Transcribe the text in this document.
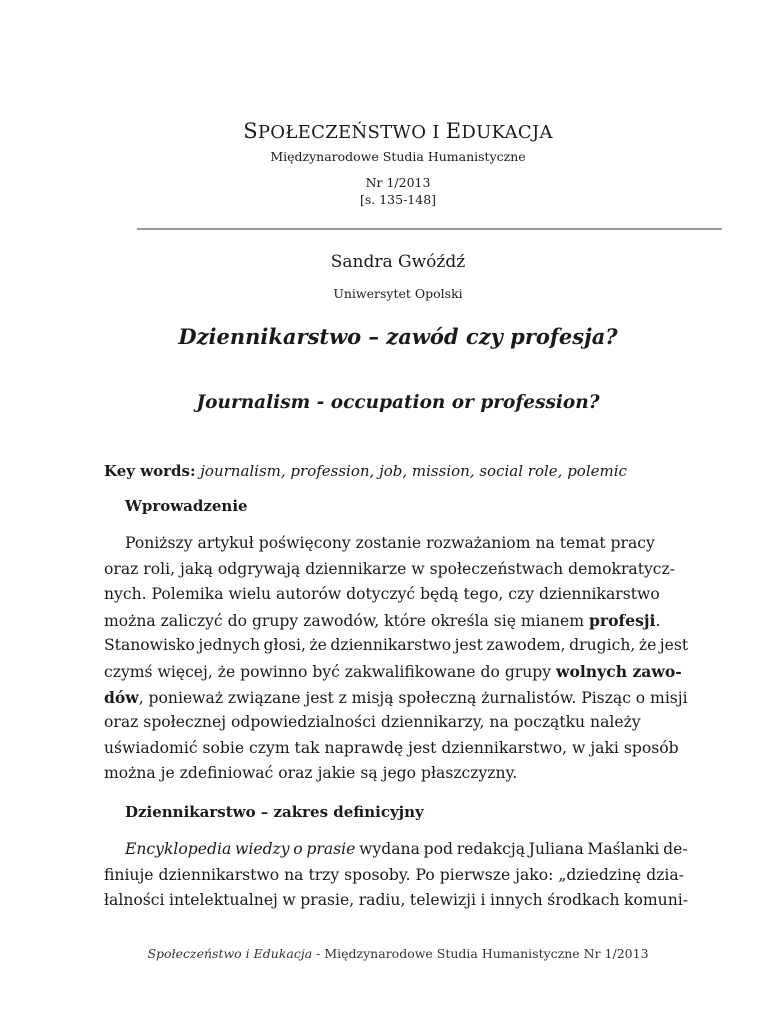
SPOŁECZEŃSTWO I EDUKACJA
Międzynarodowe Studia Humanistyczne
Nr 1/2013
[s. 135-148]
Sandra Gwóźdź
Uniwersytet Opolski
Dziennikarstwo – zawód czy profesja?
Journalism - occupation or profession?
Key words: journalism, profession, job, mission, social role, polemic
Wprowadzenie
Poniższy artykuł poświęcony zostanie rozważaniom na temat pracy
oraz roli, jaką odgrywają dziennikarze w społeczeństwach demokratycz-
nych. Polemika wielu autorów dotyczyć będą tego, czy dziennikarstwo
można zaliczyć do grupy zawodów, które określa się mianem profesji.
Stanowisko jednych głosi, że dziennikarstwo jest zawodem, drugich, że jest
czymś więcej, że powinno być zakwalifikowane do grupy wolnych zawo-
dów, ponieważ związane jest z misją społeczną żurnalistów. Pisząc o misji
oraz społecznej odpowiedzialności dziennikarzy, na początku należy
uświadomić sobie czym tak naprawdę jest dziennikarstwo, w jaki sposób
można je zdefiniować oraz jakie są jego płaszczyzny.
Dziennikarstwo – zakres definicyjny
Encyklopedia wiedzy o prasie wydana pod redakcją Juliana Maślanki de-
finiuje dziennikarstwo na trzy sposoby. Po pierwsze jako: „dziedzinę dzia-
łalności intelektualnej w prasie, radiu, telewizji i innych środkach komuni-
Społeczeństwo i Edukacja - Międzynarodowe Studia Humanistyczne Nr 1/2013
